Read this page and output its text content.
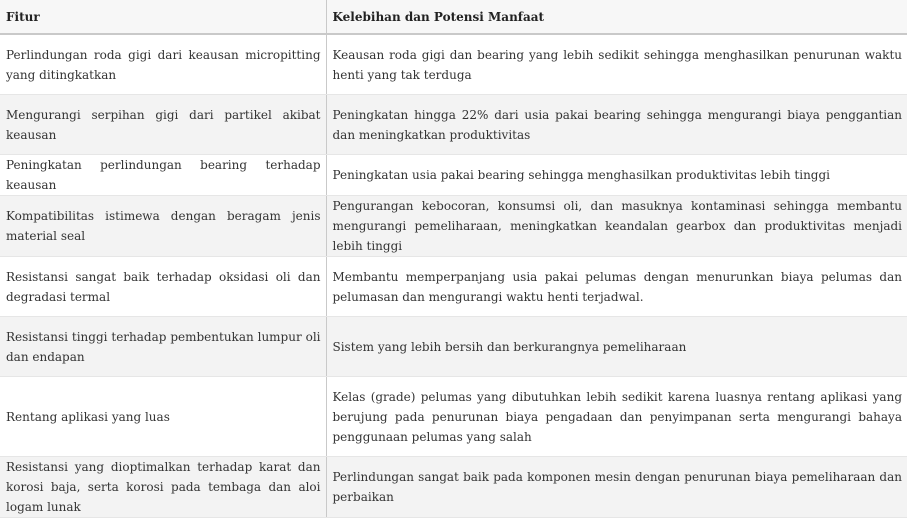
Fitur	Kelebihan dan Potensi Manfaat
Perlindungan roda gigi dari keausan micropitting yang ditingkatkan	Keausan roda gigi dan bearing yang lebih sedikit sehingga menghasilkan penurunan waktu henti yang tak terduga
Mengurangi serpihan gigi dari partikel akibat keausan	Peningkatan hingga 22% dari usia pakai bearing sehingga mengurangi biaya penggantian dan meningkatkan produktivitas
Peningkatan perlindungan bearing terhadap keausan	Peningkatan usia pakai bearing sehingga menghasilkan produktivitas lebih tinggi
Kompatibilitas istimewa dengan beragam jenis material seal	Pengurangan kebocoran, konsumsi oli, dan masuknya kontaminasi sehingga membantu mengurangi pemeliharaan, meningkatkan keandalan gearbox dan produktivitas menjadi lebih tinggi
Resistansi sangat baik terhadap oksidasi oli dan degradasi termal	Membantu memperpanjang usia pakai pelumas dengan menurunkan biaya pelumas dan pelumasan dan mengurangi waktu henti terjadwal.
Resistansi tinggi terhadap pembentukan lumpur oli dan endapan	Sistem yang lebih bersih dan berkurangnya pemeliharaan
Rentang aplikasi yang luas	Kelas (grade) pelumas yang dibutuhkan lebih sedikit karena luasnya rentang aplikasi yang berujung pada penurunan biaya pengadaan dan penyimpanan serta mengurangi bahaya penggunaan pelumas yang salah
Resistansi yang dioptimalkan terhadap karat dan korosi baja, serta korosi pada tembaga dan aloi logam lunak	Perlindungan sangat baik pada komponen mesin dengan penurunan biaya pemeliharaan dan perbaikan
